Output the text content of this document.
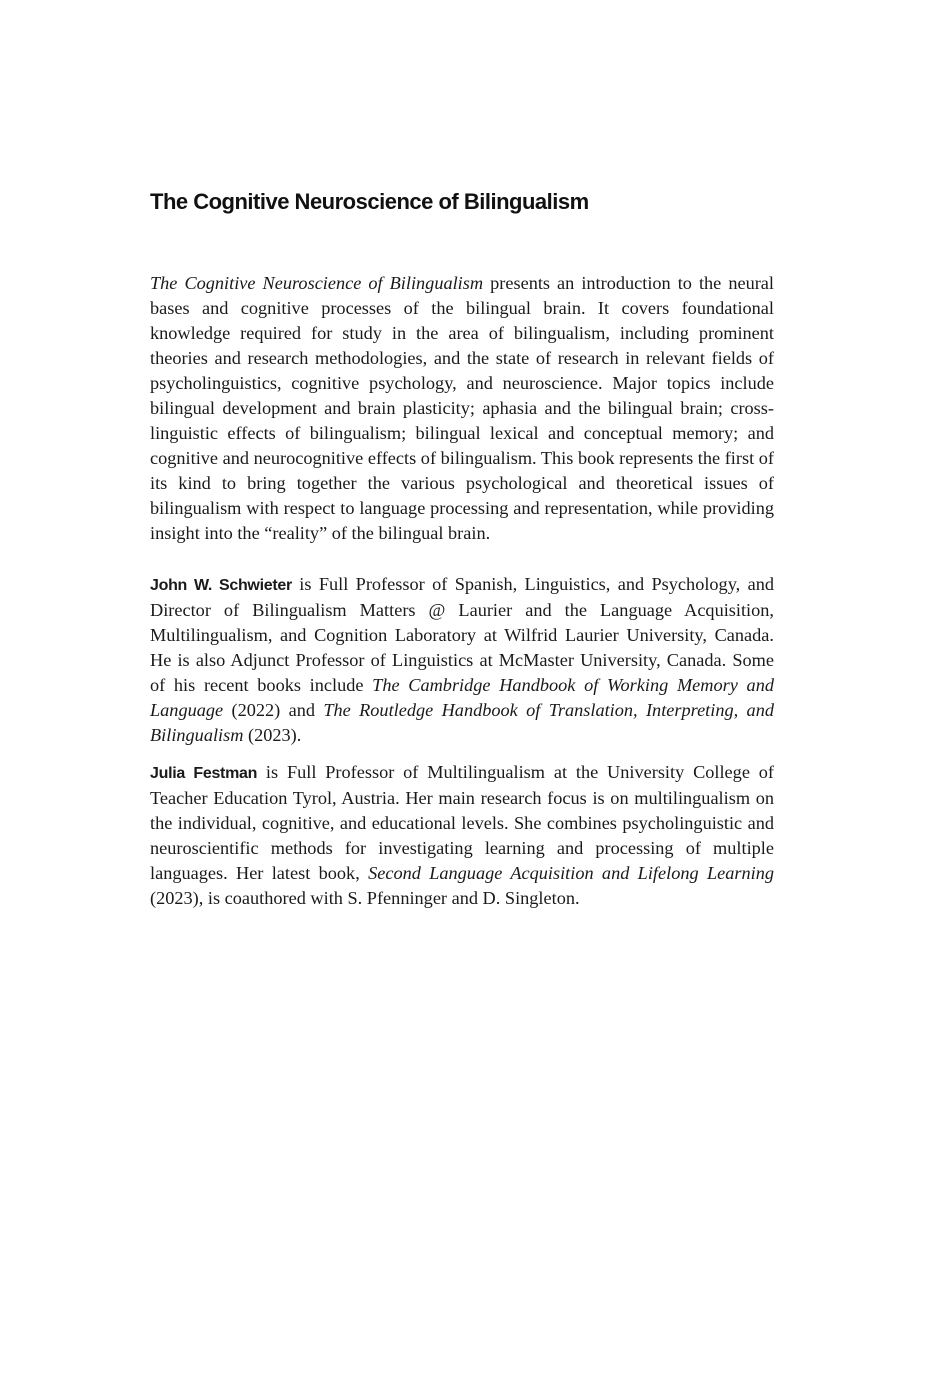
The Cognitive Neuroscience of Bilingualism

The Cognitive Neuroscience of Bilingualism presents an introduction to the neural bases and cognitive processes of the bilingual brain. It covers foundational knowledge required for study in the area of bilingualism, including prominent theories and research methodologies, and the state of research in relevant fields of psycholinguistics, cognitive psychology, and neuroscience. Major topics include bilingual development and brain plasticity; aphasia and the bilingual brain; cross-linguistic effects of bilingualism; bilingual lexical and conceptual memory; and cognitive and neurocognitive effects of bilingualism. This book represents the first of its kind to bring together the various psychological and theoretical issues of bilingualism with respect to language processing and representation, while providing insight into the “reality” of the bilingual brain.

John W. Schwieter is Full Professor of Spanish, Linguistics, and Psychology, and Director of Bilingualism Matters @ Laurier and the Language Acquisition, Multilingualism, and Cognition Laboratory at Wilfrid Laurier University, Canada. He is also Adjunct Professor of Linguistics at McMaster University, Canada. Some of his recent books include The Cambridge Handbook of Working Memory and Language (2022) and The Routledge Handbook of Translation, Interpreting, and Bilingualism (2023).

Julia Festman is Full Professor of Multilingualism at the University College of Teacher Education Tyrol, Austria. Her main research focus is on multilingualism on the individual, cognitive, and educational levels. She combines psycholinguistic and neuroscientific methods for investigating learning and processing of multiple languages. Her latest book, Second Language Acquisition and Lifelong Learning (2023), is coauthored with S. Pfenninger and D. Singleton.
